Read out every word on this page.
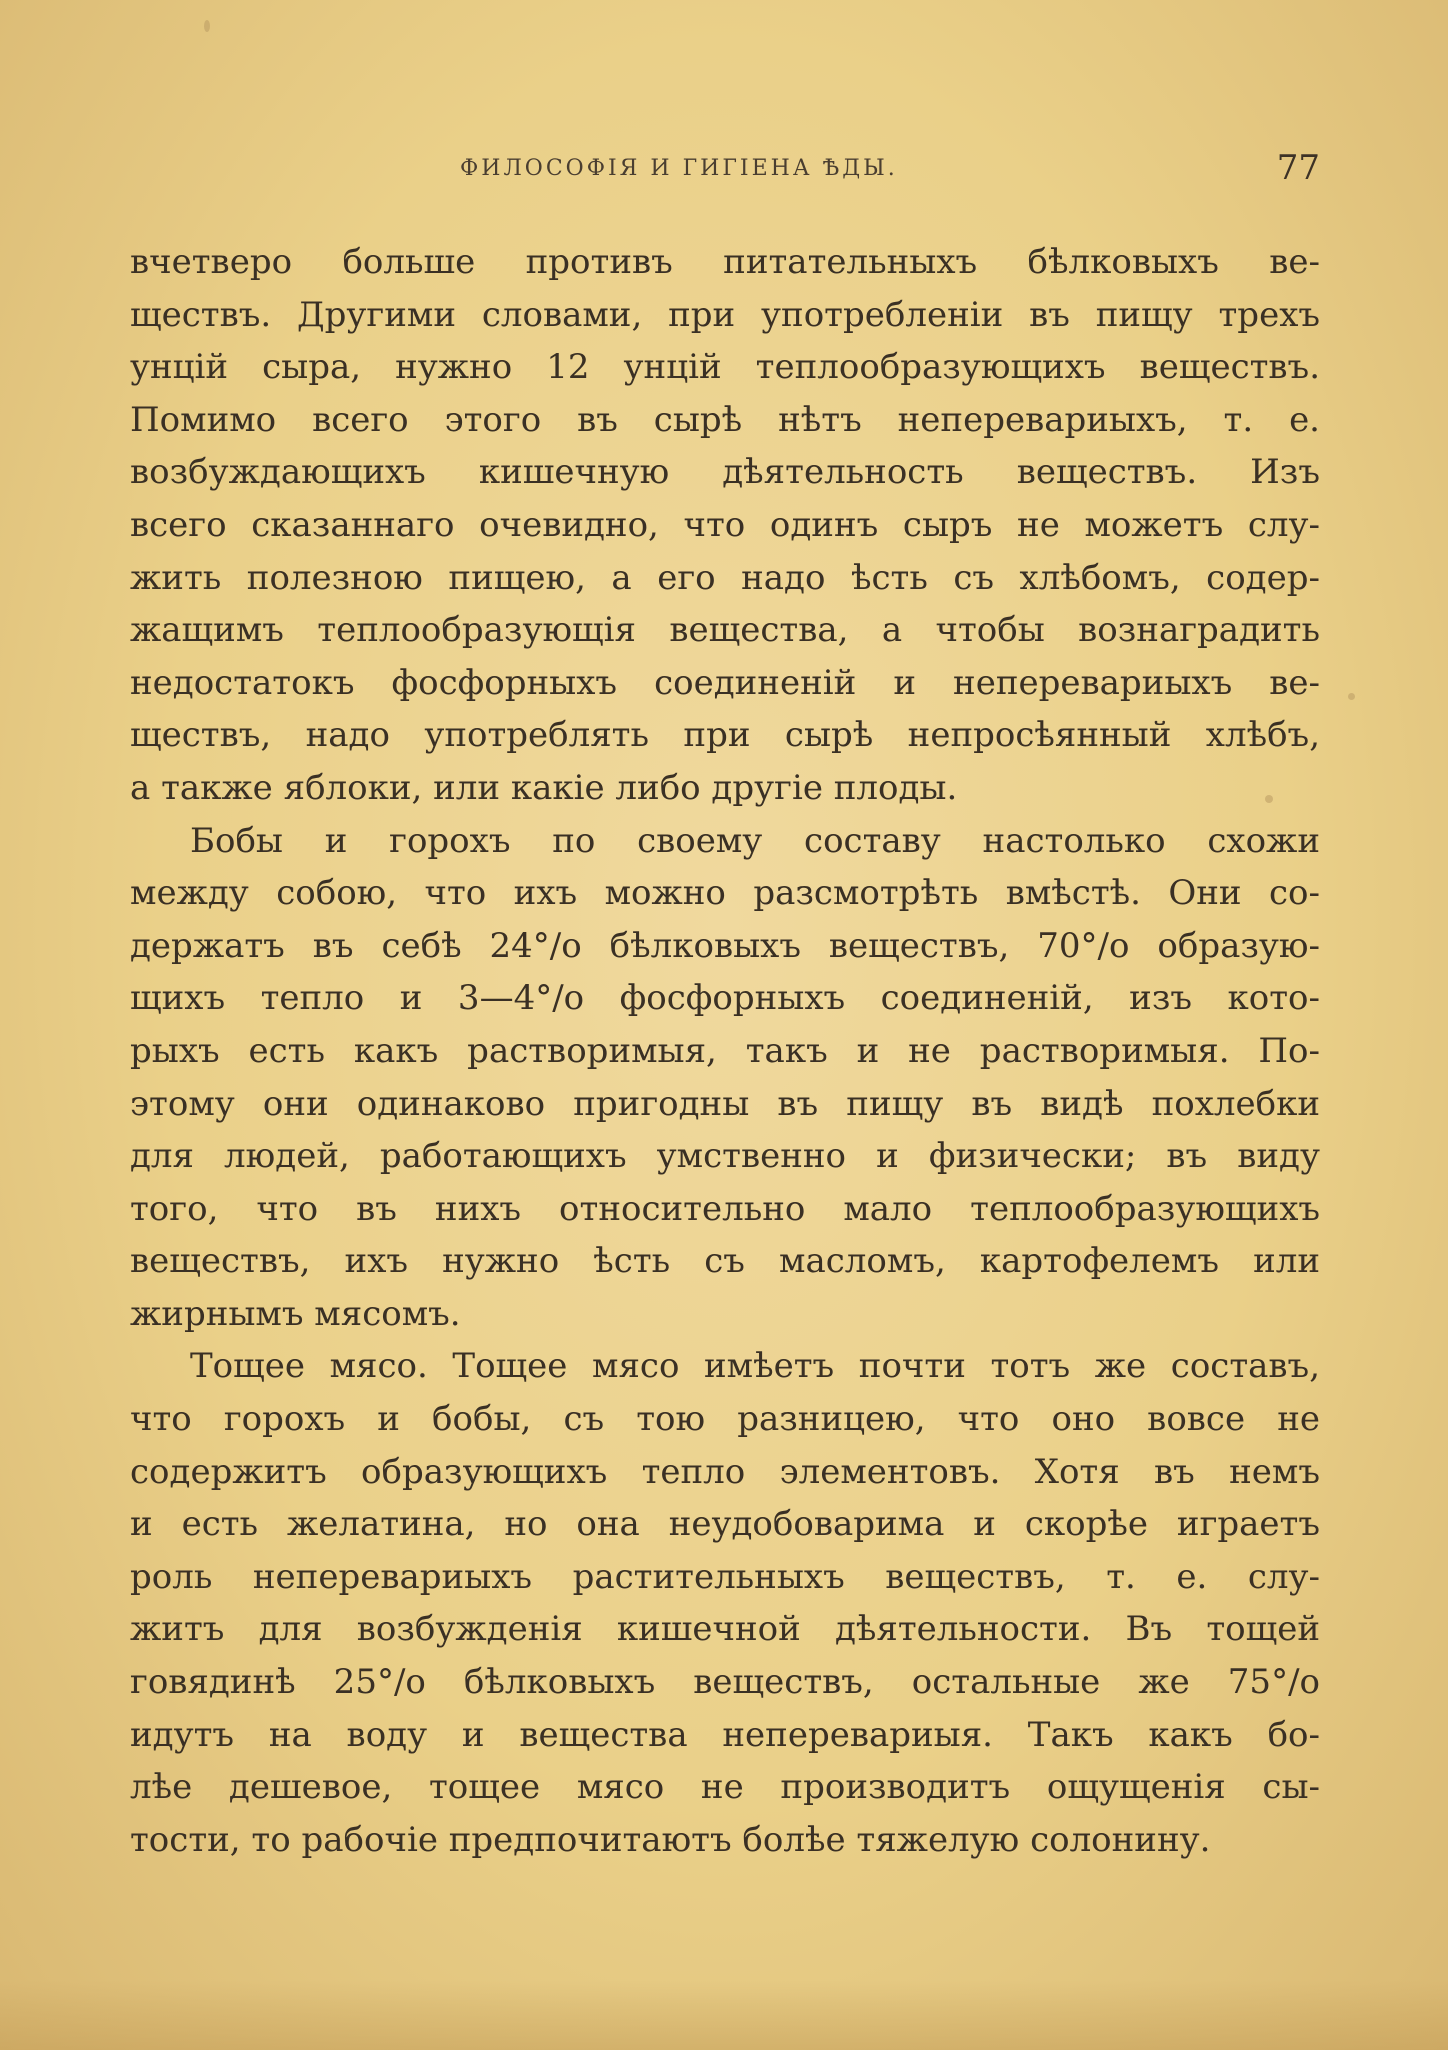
ФИЛОСОФІЯ И ГИГІЕНА ѢДЫ.	77
вчетверо больше противъ питательныхъ бѣлковыхъ ве-
ществъ. Другими словами, при употребленіи въ пищу трехъ
унцій сыра, нужно 12 унцій теплообразующихъ веществъ.
Помимо всего этого въ сырѣ нѣтъ неперевариыхъ, т. е.
возбуждающихъ кишечную дѣятельность веществъ. Изъ
всего сказаннаго очевидно, что одинъ сыръ не можетъ слу-
жить полезною пищею, а его надо ѣсть съ хлѣбомъ, содер-
жащимъ теплообразующія вещества, а чтобы вознаградить
недостатокъ фосфорныхъ соединеній и неперевариыхъ ве-
ществъ, надо употреблять при сырѣ непросѣянный хлѣбъ,
а также яблоки, или какіе либо другіе плоды.
Бобы и горохъ по своему составу настолько схожи
между собою, что ихъ можно разсмотрѣть вмѣстѣ. Они со-
держатъ въ себѣ 24°/о бѣлковыхъ веществъ, 70°/о образую-
щихъ тепло и 3—4°/о фосфорныхъ соединеній, изъ кото-
рыхъ есть какъ растворимыя, такъ и не растворимыя. По-
этому они одинаково пригодны въ пищу въ видѣ похлебки
для людей, работающихъ умственно и физически; въ виду
того, что въ нихъ относительно мало теплообразующихъ
веществъ, ихъ нужно ѣсть съ масломъ, картофелемъ или
жирнымъ мясомъ.
Тощее мясо. Тощее мясо имѣетъ почти тотъ же составъ,
что горохъ и бобы, съ тою разницею, что оно вовсе не
содержитъ образующихъ тепло элементовъ. Хотя въ немъ
и есть желатина, но она неудобоварима и скорѣе играетъ
роль неперевариыхъ растительныхъ веществъ, т. е. слу-
житъ для возбужденія кишечной дѣятельности. Въ тощей
говядинѣ 25°/о бѣлковыхъ веществъ, остальные же 75°/о
идутъ на воду и вещества неперевариыя. Такъ какъ бо-
лѣе дешевое, тощее мясо не производитъ ощущенія сы-
тости, то рабочіе предпочитаютъ болѣе тяжелую солонину.
